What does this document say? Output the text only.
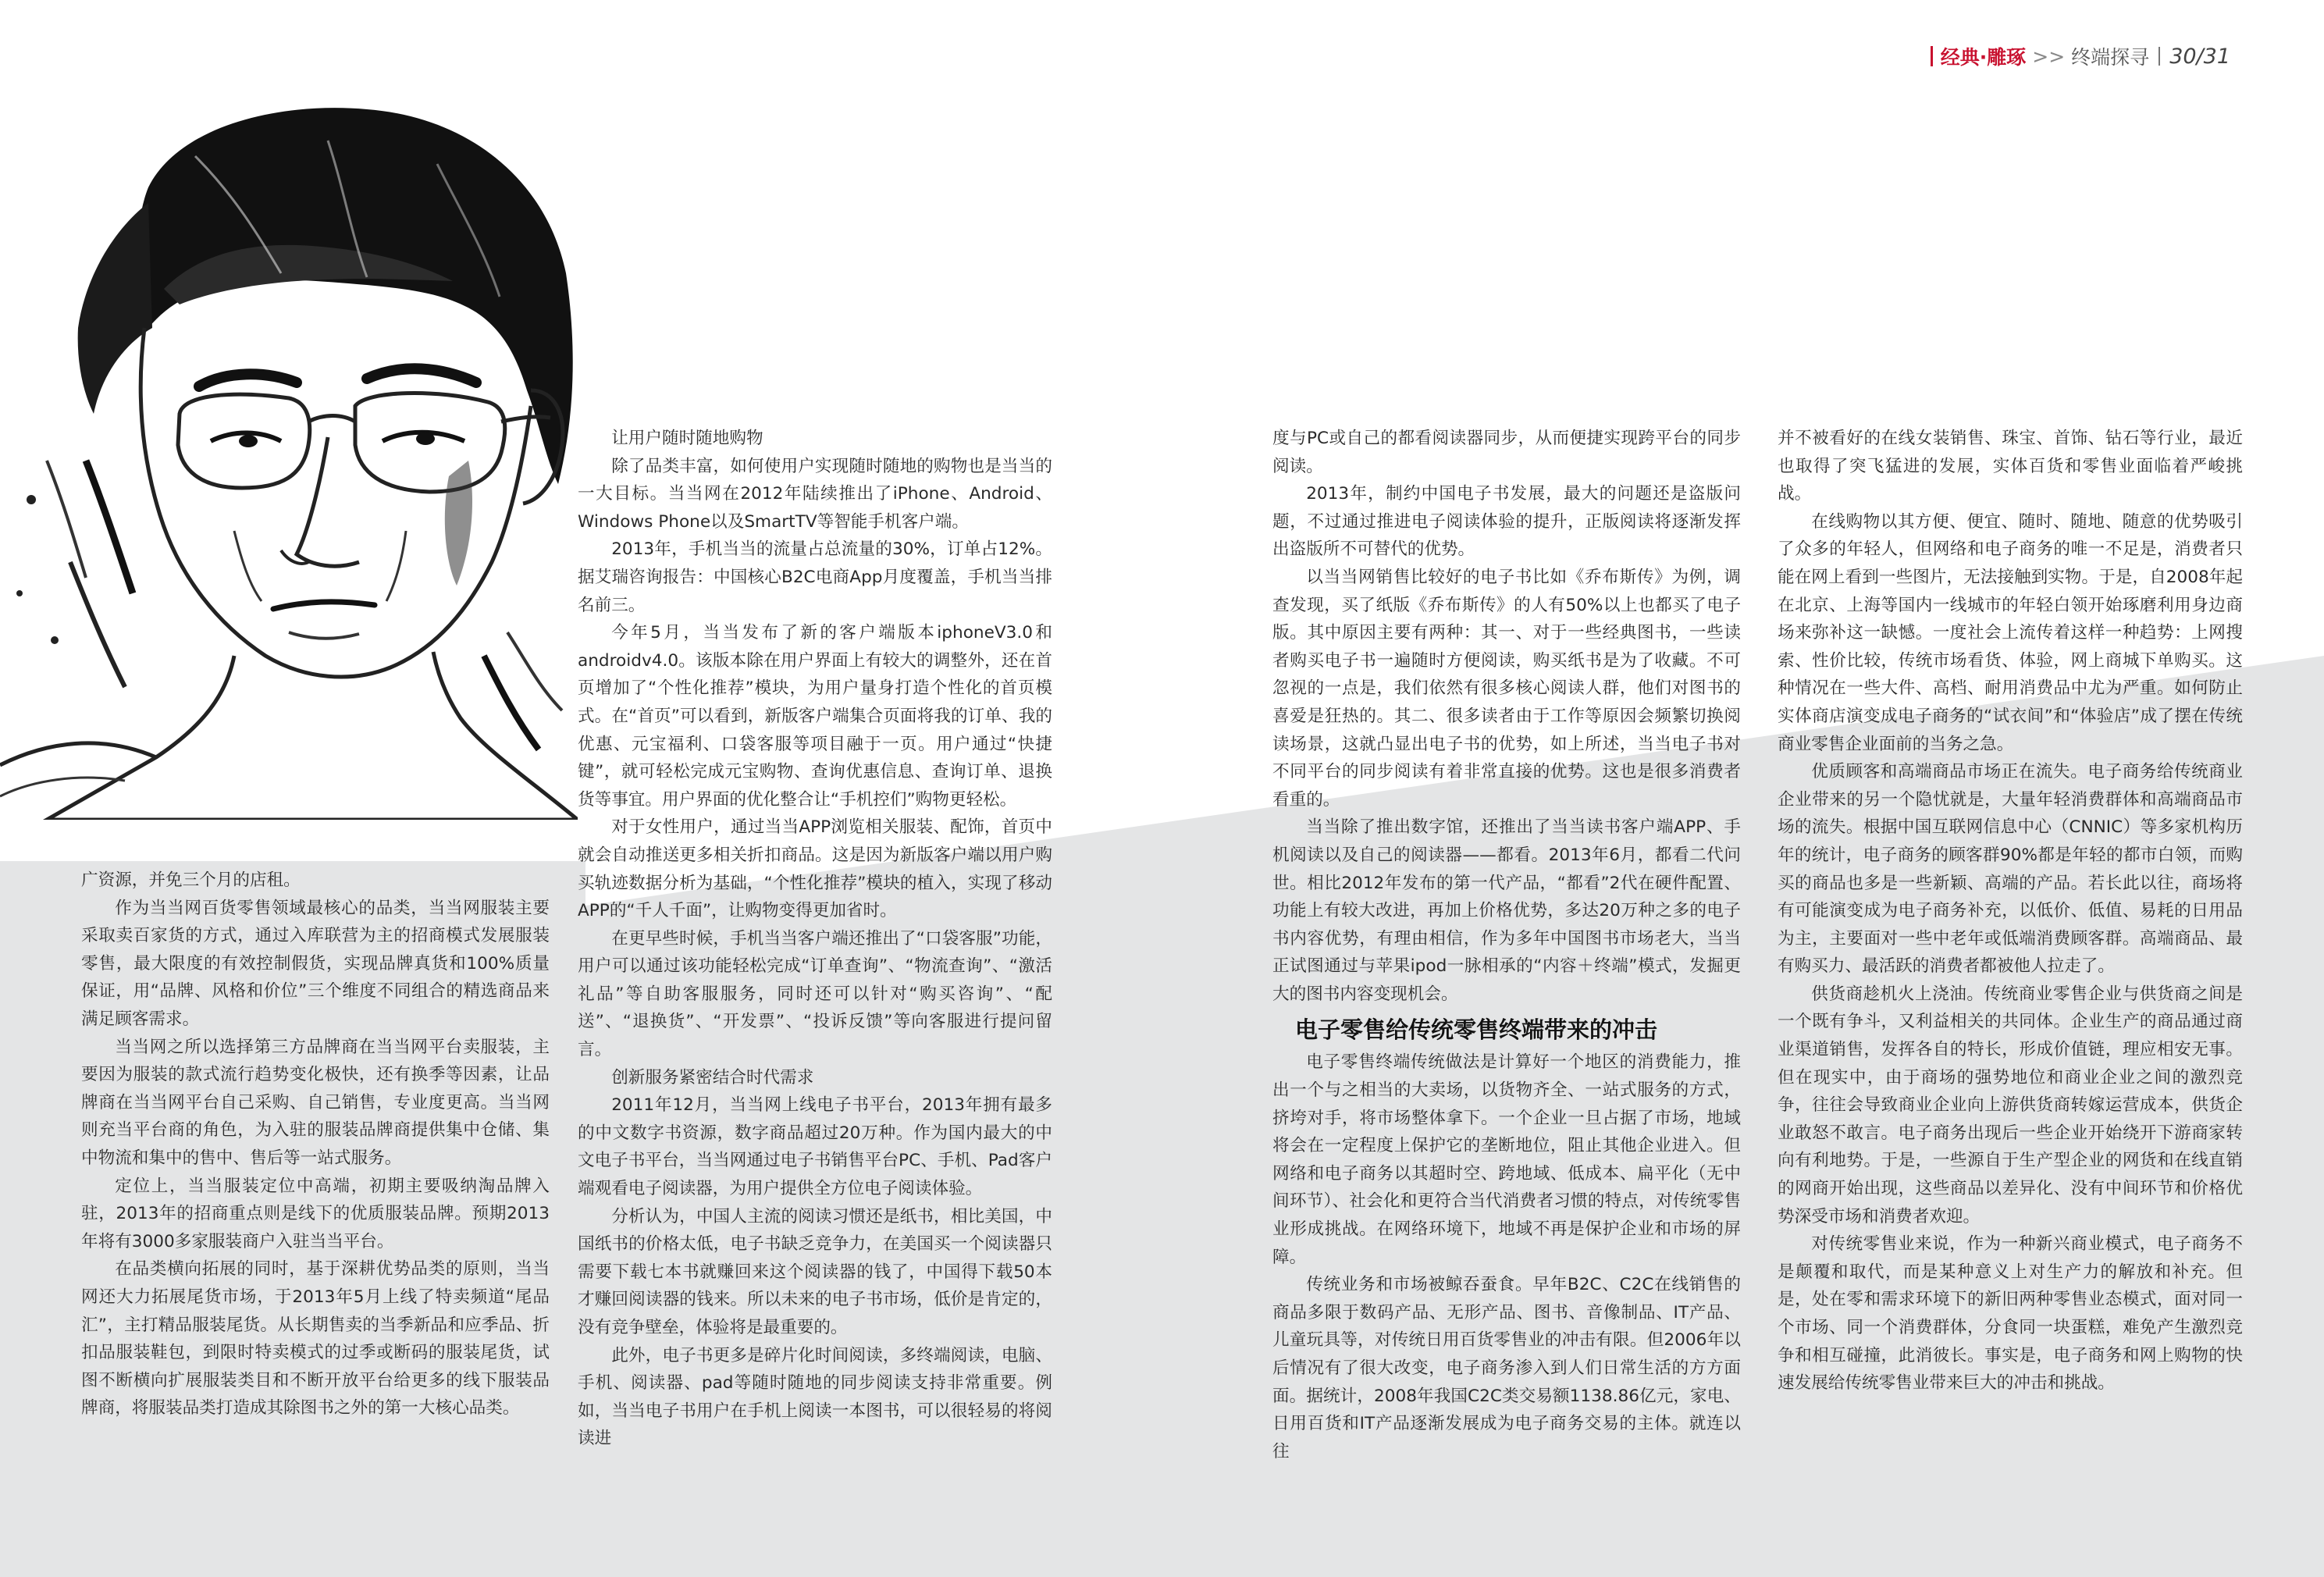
经典·雕琢 >> 终端探寻 30/31

广资源，并免三个月的店租。

作为当当网百货零售领域最核心的品类，当当网服装主要采取卖百家货的方式，通过入库联营为主的招商模式发展服装零售，最大限度的有效控制假货，实现品牌真货和100%质量保证，用“品牌、风格和价位”三个维度不同组合的精选商品来满足顾客需求。

当当网之所以选择第三方品牌商在当当网平台卖服装，主要因为服装的款式流行趋势变化极快，还有换季等因素，让品牌商在当当网平台自己采购、自己销售，专业度更高。当当网则充当平台商的角色，为入驻的服装品牌商提供集中仓储、集中物流和集中的售中、售后等一站式服务。

定位上，当当服装定位中高端，初期主要吸纳淘品牌入驻，2013年的招商重点则是线下的优质服装品牌。预期2013年将有3000多家服装商户入驻当当平台。

在品类横向拓展的同时，基于深耕优势品类的原则，当当网还大力拓展尾货市场，于2013年5月上线了特卖频道“尾品汇”，主打精品服装尾货。从长期售卖的当季新品和应季品、折扣品服装鞋包，到限时特卖模式的过季或断码的服装尾货，试图不断横向扩展服装类目和不断开放平台给更多的线下服装品牌商，将服装品类打造成其除图书之外的第一大核心品类。

让用户随时随地购物

除了品类丰富，如何使用户实现随时随地的购物也是当当的一大目标。当当网在2012年陆续推出了iPhone、Android、Windows Phone以及SmartTV等智能手机客户端。

2013年，手机当当的流量占总流量的30%，订单占12%。据艾瑞咨询报告：中国核心B2C电商App月度覆盖，手机当当排名前三。

今年5月，当当发布了新的客户端版本iphoneV3.0和androidv4.0。该版本除在用户界面上有较大的调整外，还在首页增加了“个性化推荐”模块，为用户量身打造个性化的首页模式。在“首页”可以看到，新版客户端集合页面将我的订单、我的优惠、元宝福利、口袋客服等项目融于一页。用户通过“快捷键”，就可轻松完成元宝购物、查询优惠信息、查询订单、退换货等事宜。用户界面的优化整合让“手机控们”购物更轻松。

对于女性用户，通过当当APP浏览相关服装、配饰，首页中就会自动推送更多相关折扣商品。这是因为新版客户端以用户购买轨迹数据分析为基础，“个性化推荐”模块的植入，实现了移动APP的“千人千面”，让购物变得更加省时。

在更早些时候，手机当当客户端还推出了“口袋客服”功能，用户可以通过该功能轻松完成“订单查询”、“物流查询”、“激活礼品”等自助客服服务，同时还可以针对“购买咨询”、“配送”、“退换货”、“开发票”、“投诉反馈”等向客服进行提问留言。

创新服务紧密结合时代需求

2011年12月，当当网上线电子书平台，2013年拥有最多的中文数字书资源，数字商品超过20万种。作为国内最大的中文电子书平台，当当网通过电子书销售平台PC、手机、Pad客户端观看电子阅读器，为用户提供全方位电子阅读体验。

分析认为，中国人主流的阅读习惯还是纸书，相比美国，中国纸书的价格太低，电子书缺乏竞争力，在美国买一个阅读器只需要下载七本书就赚回来这个阅读器的钱了，中国得下载50本才赚回阅读器的钱来。所以未来的电子书市场，低价是肯定的，没有竞争壁垒，体验将是最重要的。

此外，电子书更多是碎片化时间阅读，多终端阅读，电脑、手机、阅读器、pad等随时随地的同步阅读支持非常重要。例如，当当电子书用户在手机上阅读一本图书，可以很轻易的将阅读进

度与PC或自己的都看阅读器同步，从而便捷实现跨平台的同步阅读。

2013年，制约中国电子书发展，最大的问题还是盗版问题，不过通过推进电子阅读体验的提升，正版阅读将逐渐发挥出盗版所不可替代的优势。

以当当网销售比较好的电子书比如《乔布斯传》为例，调查发现，买了纸版《乔布斯传》的人有50%以上也都买了电子版。其中原因主要有两种：其一、对于一些经典图书，一些读者购买电子书一遍随时方便阅读，购买纸书是为了收藏。不可忽视的一点是，我们依然有很多核心阅读人群，他们对图书的喜爱是狂热的。其二、很多读者由于工作等原因会频繁切换阅读场景，这就凸显出电子书的优势，如上所述，当当电子书对不同平台的同步阅读有着非常直接的优势。这也是很多消费者看重的。

当当除了推出数字馆，还推出了当当读书客户端APP、手机阅读以及自己的阅读器——都看。2013年6月，都看二代问世。相比2012年发布的第一代产品，“都看”2代在硬件配置、功能上有较大改进，再加上价格优势，多达20万种之多的电子书内容优势，有理由相信，作为多年中国图书市场老大，当当正试图通过与苹果ipod一脉相承的“内容＋终端”模式，发掘更大的图书内容变现机会。

电子零售给传统零售终端带来的冲击

电子零售终端传统做法是计算好一个地区的消费能力，推出一个与之相当的大卖场，以货物齐全、一站式服务的方式，挤垮对手，将市场整体拿下。一个企业一旦占据了市场，地域将会在一定程度上保护它的垄断地位，阻止其他企业进入。但网络和电子商务以其超时空、跨地域、低成本、扁平化（无中间环节）、社会化和更符合当代消费者习惯的特点，对传统零售业形成挑战。在网络环境下，地域不再是保护企业和市场的屏障。

传统业务和市场被鲸吞蚕食。早年B2C、C2C在线销售的商品多限于数码产品、无形产品、图书、音像制品、IT产品、儿童玩具等，对传统日用百货零售业的冲击有限。但2006年以后情况有了很大改变，电子商务渗入到人们日常生活的方方面面。据统计，2008年我国C2C类交易额1138.86亿元，家电、日用百货和IT产品逐渐发展成为电子商务交易的主体。就连以往

并不被看好的在线女装销售、珠宝、首饰、钻石等行业，最近也取得了突飞猛进的发展，实体百货和零售业面临着严峻挑战。

在线购物以其方便、便宜、随时、随地、随意的优势吸引了众多的年轻人，但网络和电子商务的唯一不足是，消费者只能在网上看到一些图片，无法接触到实物。于是，自2008年起在北京、上海等国内一线城市的年轻白领开始琢磨利用身边商场来弥补这一缺憾。一度社会上流传着这样一种趋势：上网搜索、性价比较，传统市场看货、体验，网上商城下单购买。这种情况在一些大件、高档、耐用消费品中尤为严重。如何防止实体商店演变成电子商务的“试衣间”和“体验店”成了摆在传统商业零售企业面前的当务之急。

优质顾客和高端商品市场正在流失。电子商务给传统商业企业带来的另一个隐忧就是，大量年轻消费群体和高端商品市场的流失。根据中国互联网信息中心（CNNIC）等多家机构历年的统计，电子商务的顾客群90%都是年轻的都市白领，而购买的商品也多是一些新颖、高端的产品。若长此以往，商场将有可能演变成为电子商务补充，以低价、低值、易耗的日用品为主，主要面对一些中老年或低端消费顾客群。高端商品、最有购买力、最活跃的消费者都被他人拉走了。

供货商趁机火上浇油。传统商业零售企业与供货商之间是一个既有争斗，又利益相关的共同体。企业生产的商品通过商业渠道销售，发挥各自的特长，形成价值链，理应相安无事。但在现实中，由于商场的强势地位和商业企业之间的激烈竞争，往往会导致商业企业向上游供货商转嫁运营成本，供货企业敢怒不敢言。电子商务出现后一些企业开始绕开下游商家转向有利地势。于是，一些源自于生产型企业的网货和在线直销的网商开始出现，这些商品以差异化、没有中间环节和价格优势深受市场和消费者欢迎。

对传统零售业来说，作为一种新兴商业模式，电子商务不是颠覆和取代，而是某种意义上对生产力的解放和补充。但是，处在零和需求环境下的新旧两种零售业态模式，面对同一个市场、同一个消费群体，分食同一块蛋糕，难免产生激烈竞争和相互碰撞，此消彼长。事实是，电子商务和网上购物的快速发展给传统零售业带来巨大的冲击和挑战。
